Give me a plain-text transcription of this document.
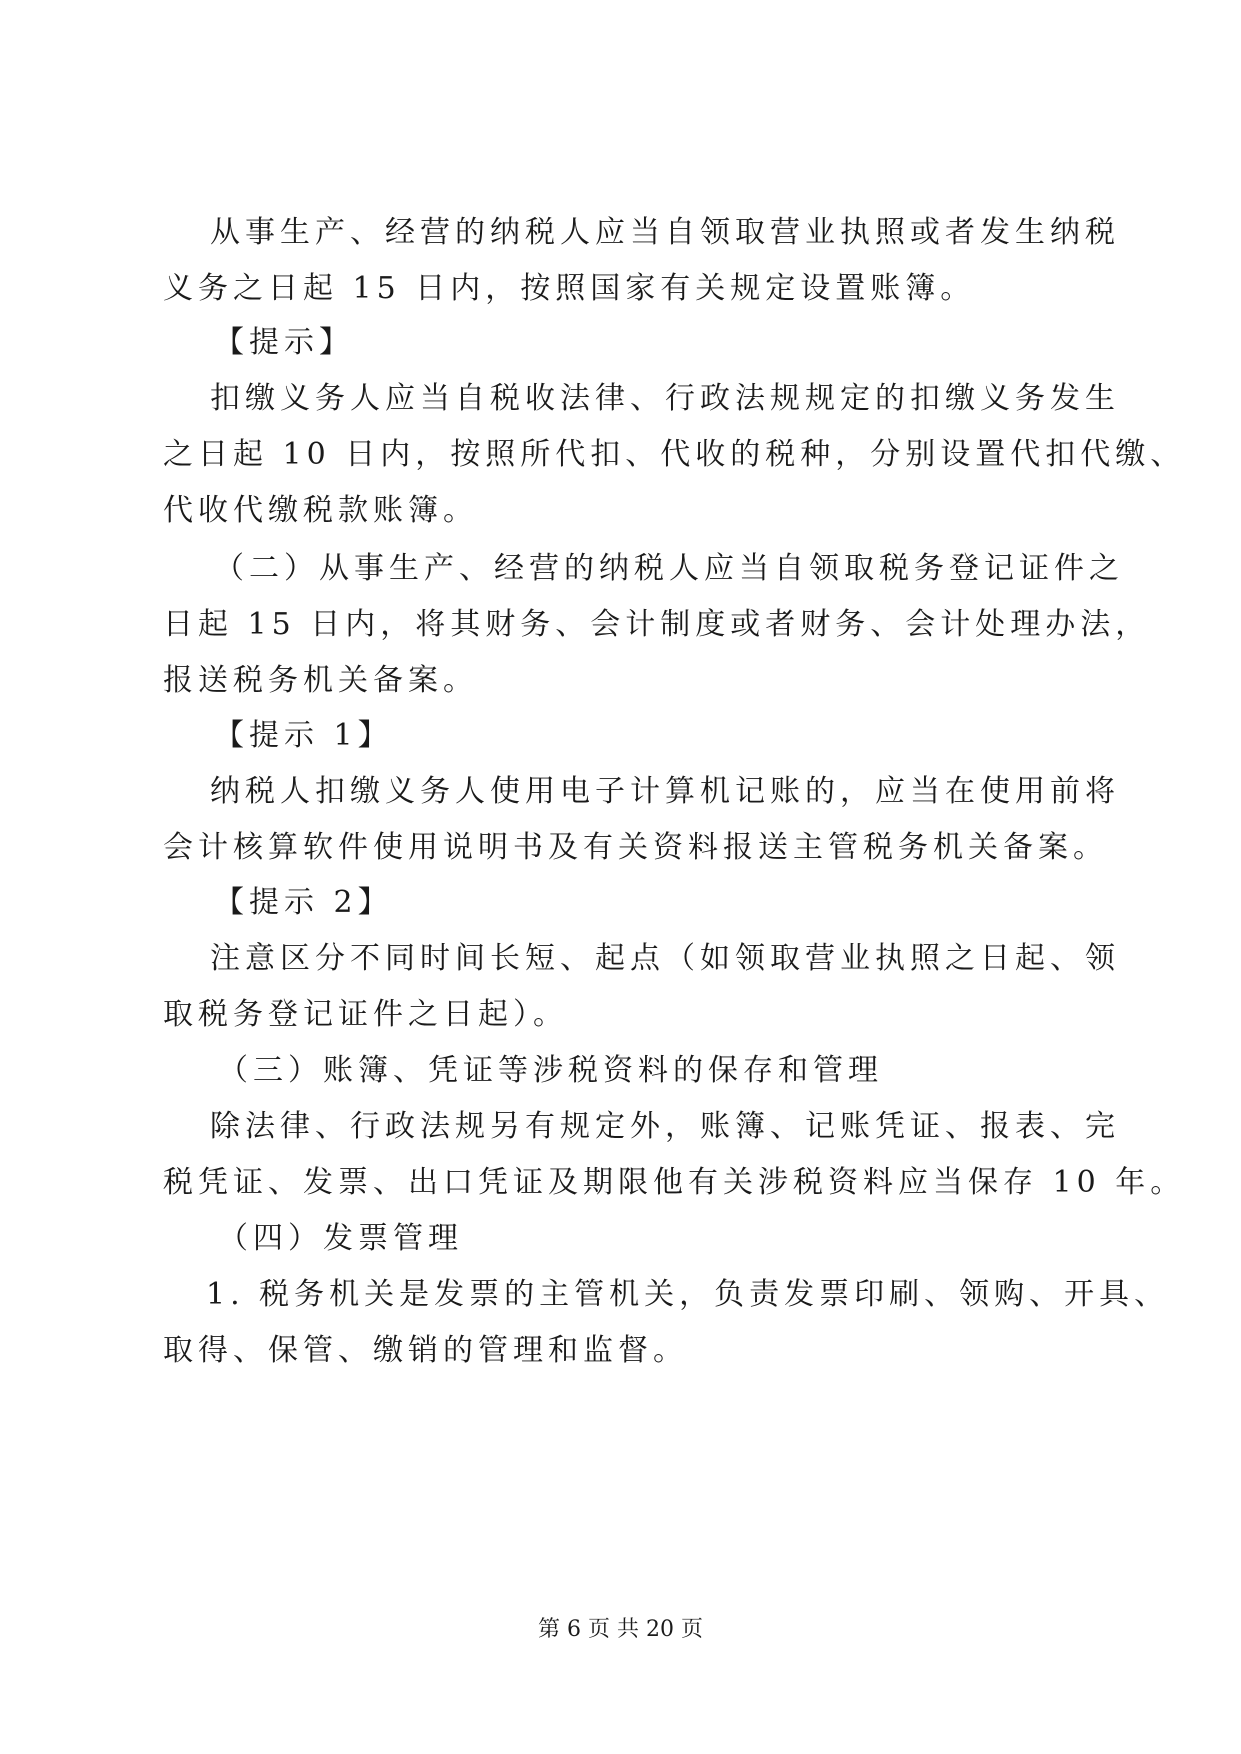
从事生产、经营的纳税人应当自领取营业执照或者发生纳税
义务之日起 15 日内，按照国家有关规定设置账簿。
【提示】
扣缴义务人应当自税收法律、行政法规规定的扣缴义务发生
之日起 10 日内，按照所代扣、代收的税种，分别设置代扣代缴、
代收代缴税款账簿。
（二）从事生产、经营的纳税人应当自领取税务登记证件之
日起 15 日内，将其财务、会计制度或者财务、会计处理办法，
报送税务机关备案。
【提示 1】
纳税人扣缴义务人使用电子计算机记账的，应当在使用前将
会计核算软件使用说明书及有关资料报送主管税务机关备案。
【提示 2】
注意区分不同时间长短、起点（如领取营业执照之日起、领
取税务登记证件之日起）。
（三）账簿、凭证等涉税资料的保存和管理
除法律、行政法规另有规定外，账簿、记账凭证、报表、完
税凭证、发票、出口凭证及期限他有关涉税资料应当保存 10 年。
（四）发票管理
1. 税务机关是发票的主管机关，负责发票印刷、领购、开具、
取得、保管、缴销的管理和监督。
第 6 页 共 20 页
